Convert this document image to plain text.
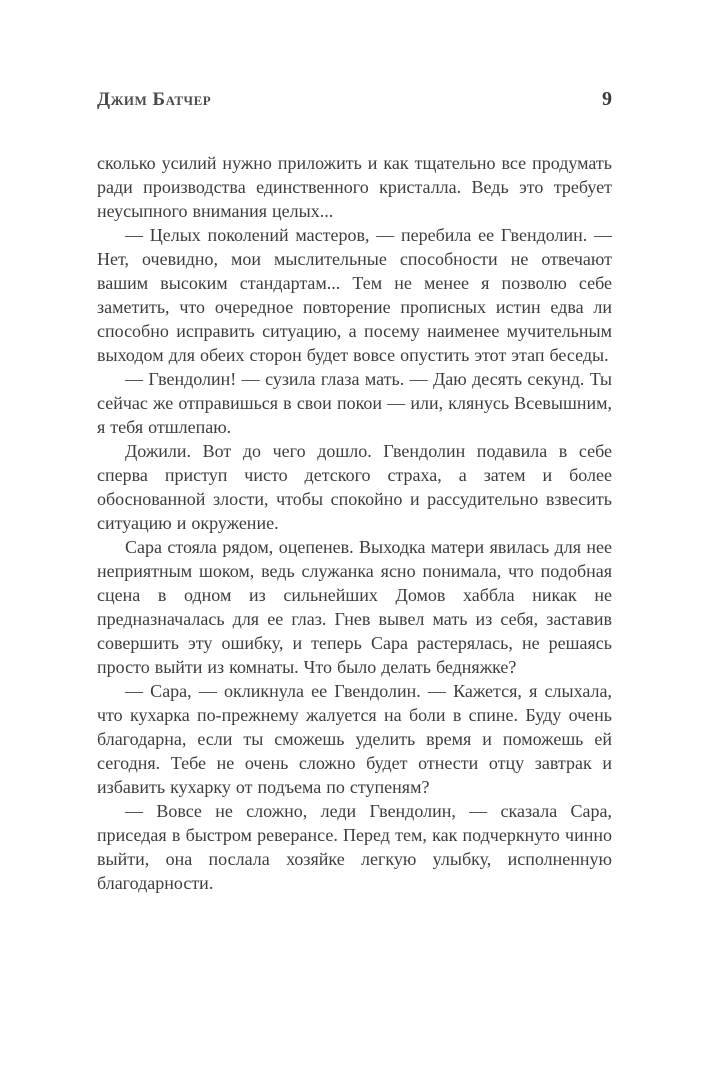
Джим Батчер	9

сколько усилий нужно приложить и как тщательно все продумать ради производства единственного кристалла. Ведь это требует неусыпного внимания целых...

— Целых поколений мастеров, — перебила ее Гвендолин. — Нет, очевидно, мои мыслительные способности не отвечают вашим высоким стандартам... Тем не менее я позволю себе заметить, что очередное повторение прописных истин едва ли способно исправить ситуацию, а посему наименее мучительным выходом для обеих сторон будет вовсе опустить этот этап беседы.

— Гвендолин! — сузила глаза мать. — Даю десять секунд. Ты сейчас же отправишься в свои покои — или, клянусь Всевышним, я тебя отшлепаю.

Дожили. Вот до чего дошло. Гвендолин подавила в себе сперва приступ чисто детского страха, а затем и более обоснованной злости, чтобы спокойно и рассудительно взвесить ситуацию и окружение.

Сара стояла рядом, оцепенев. Выходка матери явилась для нее неприятным шоком, ведь служанка ясно понимала, что подобная сцена в одном из сильнейших Домов хаббла никак не предназначалась для ее глаз. Гнев вывел мать из себя, заставив совершить эту ошибку, и теперь Сара растерялась, не решаясь просто выйти из комнаты. Что было делать бедняжке?

— Сара, — окликнула ее Гвендолин. — Кажется, я слыхала, что кухарка по-прежнему жалуется на боли в спине. Буду очень благодарна, если ты сможешь уделить время и поможешь ей сегодня. Тебе не очень сложно будет отнести отцу завтрак и избавить кухарку от подъема по ступеням?

— Вовсе не сложно, леди Гвендолин, — сказала Сара, приседая в быстром реверансе. Перед тем, как подчеркнуто чинно выйти, она послала хозяйке легкую улыбку, исполненную благодарности.
